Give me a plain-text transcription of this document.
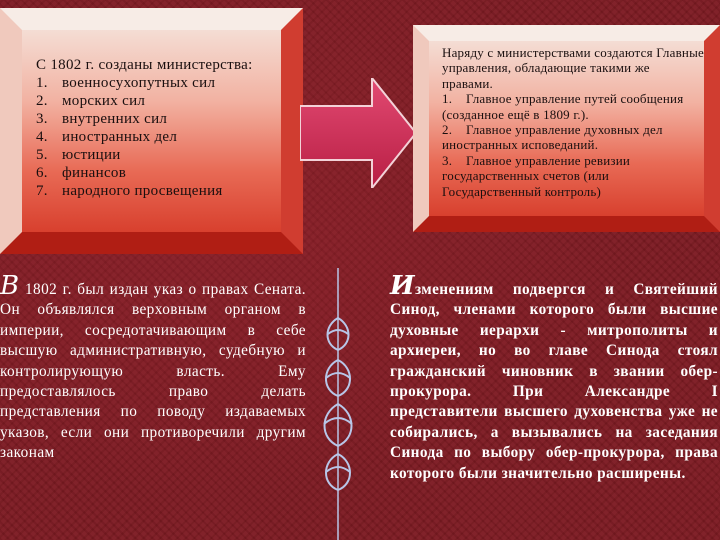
С 1802 г. созданы министерства:
1. военносухопутных сил
2. морских сил
3. внутренних сил
4. иностранных дел
5. юстиции
6. финансов
7. народного просвещения
Наряду с министерствами создаются Главные управления, обладающие такими же правами.
1.    Главное управление путей сообщения (созданное ещё в 1809 г.).
2.    Главное управление духовных дел иностранных исповеданий.
3.    Главное управление ревизии государственных счетов (или Государственный контроль)
В 1802 г. был издан указ о правах Сената. Он объявлялся верховным органом в империи, сосредотачивающим в себе высшую административную, судебную и контролирующую власть. Ему предоставлялось право делать представления по поводу издаваемых указов, если они противоречили другим законам
Изменениям подвергся и Святейший Синод, членами которого были высшие духовные иерархи - митрополиты и архиереи, но во главе Синода стоял гражданский чиновник в звании обер-прокурора. При Александре I представители высшего духовенства уже не собирались, а вызывались на заседания Синода по выбору обер-прокурора, права которого были значительно расширены.
